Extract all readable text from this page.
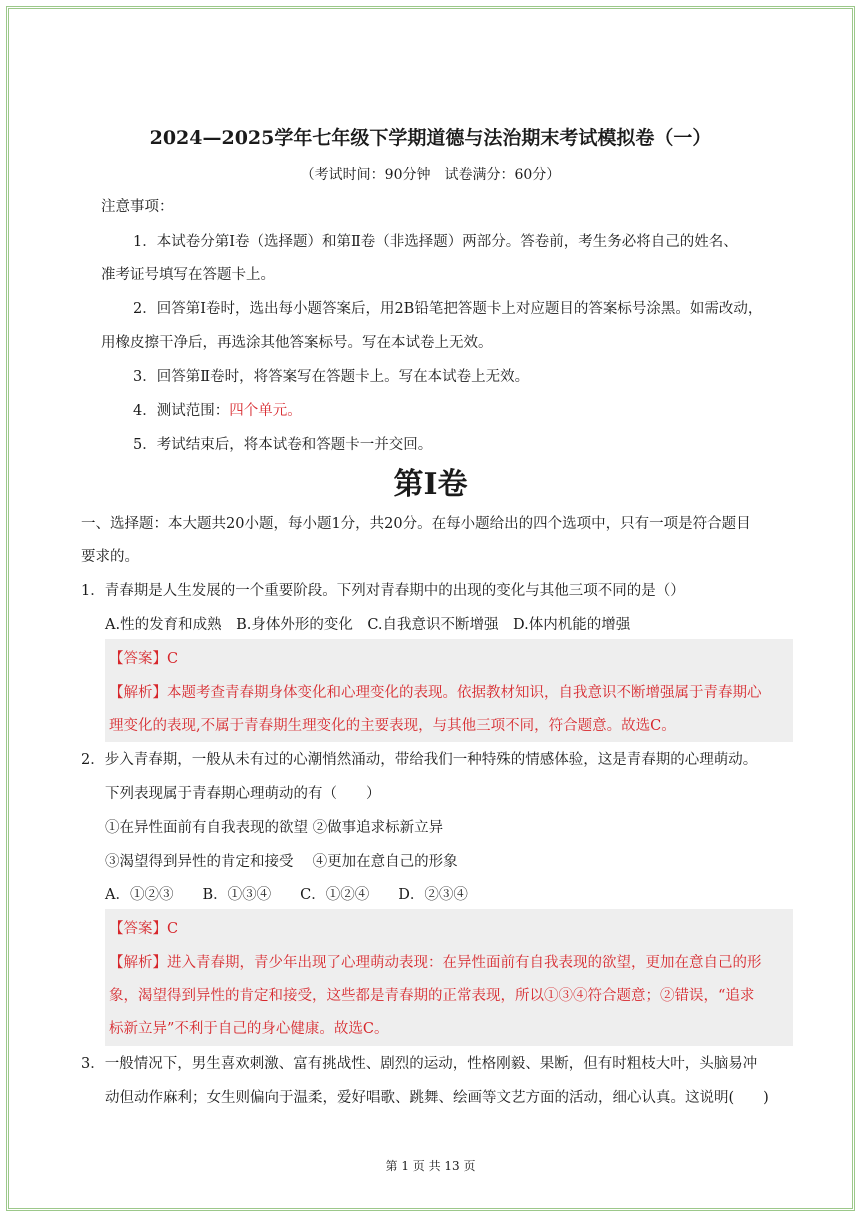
2024—2025学年七年级下学期道德与法治期末考试模拟卷（一）
（考试时间：90分钟　试卷满分：60分）
注意事项：
1．本试卷分第Ⅰ卷（选择题）和第Ⅱ卷（非选择题）两部分。答卷前，考生务必将自己的姓名、
准考证号填写在答题卡上。
2．回答第Ⅰ卷时，选出每小题答案后，用2B铅笔把答题卡上对应题目的答案标号涂黑。如需改动，
用橡皮擦干净后，再选涂其他答案标号。写在本试卷上无效。
3．回答第Ⅱ卷时，将答案写在答题卡上。写在本试卷上无效。
4．测试范围：四个单元。
5．考试结束后，将本试卷和答题卡一并交回。
第Ⅰ卷
一、选择题：本大题共20小题，每小题1分，共20分。在每小题给出的四个选项中，只有一项是符合题目
要求的。
1．青春期是人生发展的一个重要阶段。下列对青春期中的出现的变化与其他三项不同的是（）
A.性的发育和成熟　B.身体外形的变化　C.自我意识不断增强　D.体内机能的增强
【答案】C
【解析】本题考查青春期身体变化和心理变化的表现。依据教材知识，自我意识不断增强属于青春期心
理变化的表现,不属于青春期生理变化的主要表现，与其他三项不同，符合题意。故选C。
2．步入青春期，一般从未有过的心潮悄然涌动，带给我们一种特殊的情感体验，这是青春期的心理萌动。
下列表现属于青春期心理萌动的有（　　）
①在异性面前有自我表现的欲望 ②做事追求标新立异
③渴望得到异性的肯定和接受　 ④更加在意自己的形象
A．①②③　　B．①③④　　C．①②④　　D．②③④
【答案】C
【解析】进入青春期，青少年出现了心理萌动表现：在异性面前有自我表现的欲望，更加在意自己的形
象，渴望得到异性的肯定和接受，这些都是青春期的正常表现，所以①③④符合题意；②错误，“追求
标新立异”不利于自己的身心健康。故选C。
3．一般情况下，男生喜欢刺激、富有挑战性、剧烈的运动，性格刚毅、果断，但有时粗枝大叶，头脑易冲
动但动作麻利；女生则偏向于温柔，爱好唱歌、跳舞、绘画等文艺方面的活动，细心认真。这说明(　　)
第 1 页 共 13 页
